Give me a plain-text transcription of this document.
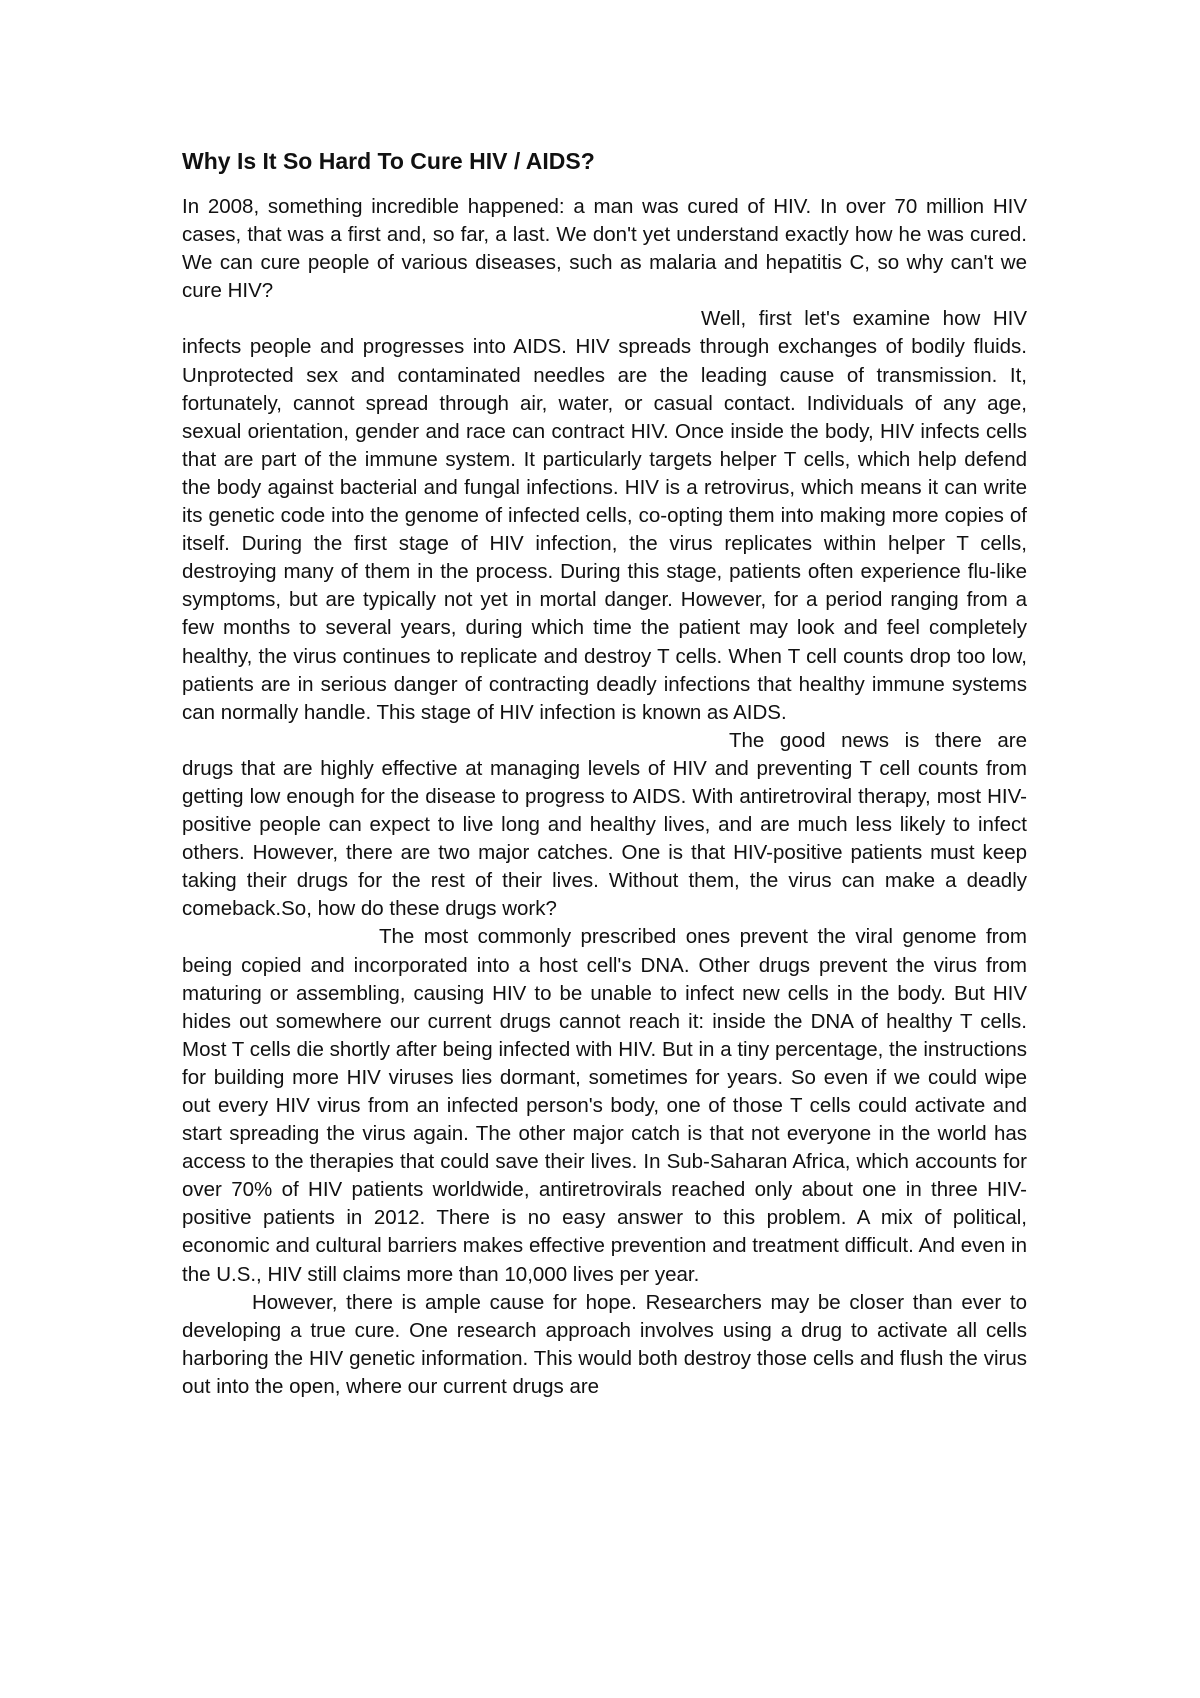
Why Is It So Hard To Cure HIV / AIDS?

In 2008, something incredible happened: a man was cured of HIV. In over 70 million HIV cases, that was a first and, so far, a last. We don't yet understand exactly how he was cured. We can cure people of various diseases, such as malaria and hepatitis C, so why can't we cure HIV?

Well, first let's examine how HIV infects people and progresses into AIDS. HIV spreads through exchanges of bodily fluids. Unprotected sex and contaminated needles are the leading cause of transmission. It, fortunately, cannot spread through air, water, or casual contact. Individuals of any age, sexual orientation, gender and race can contract HIV. Once inside the body, HIV infects cells that are part of the immune system. It particularly targets helper T cells, which help defend the body against bacterial and fungal infections. HIV is a retrovirus, which means it can write its genetic code into the genome of infected cells, co-opting them into making more copies of itself. During the first stage of HIV infection, the virus replicates within helper T cells, destroying many of them in the process. During this stage, patients often experience flu-like symptoms, but are typically not yet in mortal danger. However, for a period ranging from a few months to several years, during which time the patient may look and feel completely healthy, the virus continues to replicate and destroy T cells. When T cell counts drop too low, patients are in serious danger of contracting deadly infections that healthy immune systems can normally handle. This stage of HIV infection is known as AIDS.

The good news is there are drugs that are highly effective at managing levels of HIV and preventing T cell counts from getting low enough for the disease to progress to AIDS. With antiretroviral therapy, most HIV-positive people can expect to live long and healthy lives, and are much less likely to infect others. However, there are two major catches. One is that HIV-positive patients must keep taking their drugs for the rest of their lives. Without them, the virus can make a deadly comeback.So, how do these drugs work?

The most commonly prescribed ones prevent the viral genome from being copied and incorporated into a host cell's DNA. Other drugs prevent the virus from maturing or assembling, causing HIV to be unable to infect new cells in the body. But HIV hides out somewhere our current drugs cannot reach it: inside the DNA of healthy T cells. Most T cells die shortly after being infected with HIV. But in a tiny percentage, the instructions for building more HIV viruses lies dormant, sometimes for years. So even if we could wipe out every HIV virus from an infected person's body, one of those T cells could activate and start spreading the virus again. The other major catch is that not everyone in the world has access to the therapies that could save their lives. In Sub-Saharan Africa, which accounts for over 70% of HIV patients worldwide, antiretrovirals reached only about one in three HIV-positive patients in 2012. There is no easy answer to this problem. A mix of political, economic and cultural barriers makes effective prevention and treatment difficult. And even in the U.S., HIV still claims more than 10,000 lives per year.

However, there is ample cause for hope. Researchers may be closer than ever to developing a true cure. One research approach involves using a drug to activate all cells harboring the HIV genetic information. This would both destroy those cells and flush the virus out into the open, where our current drugs are
